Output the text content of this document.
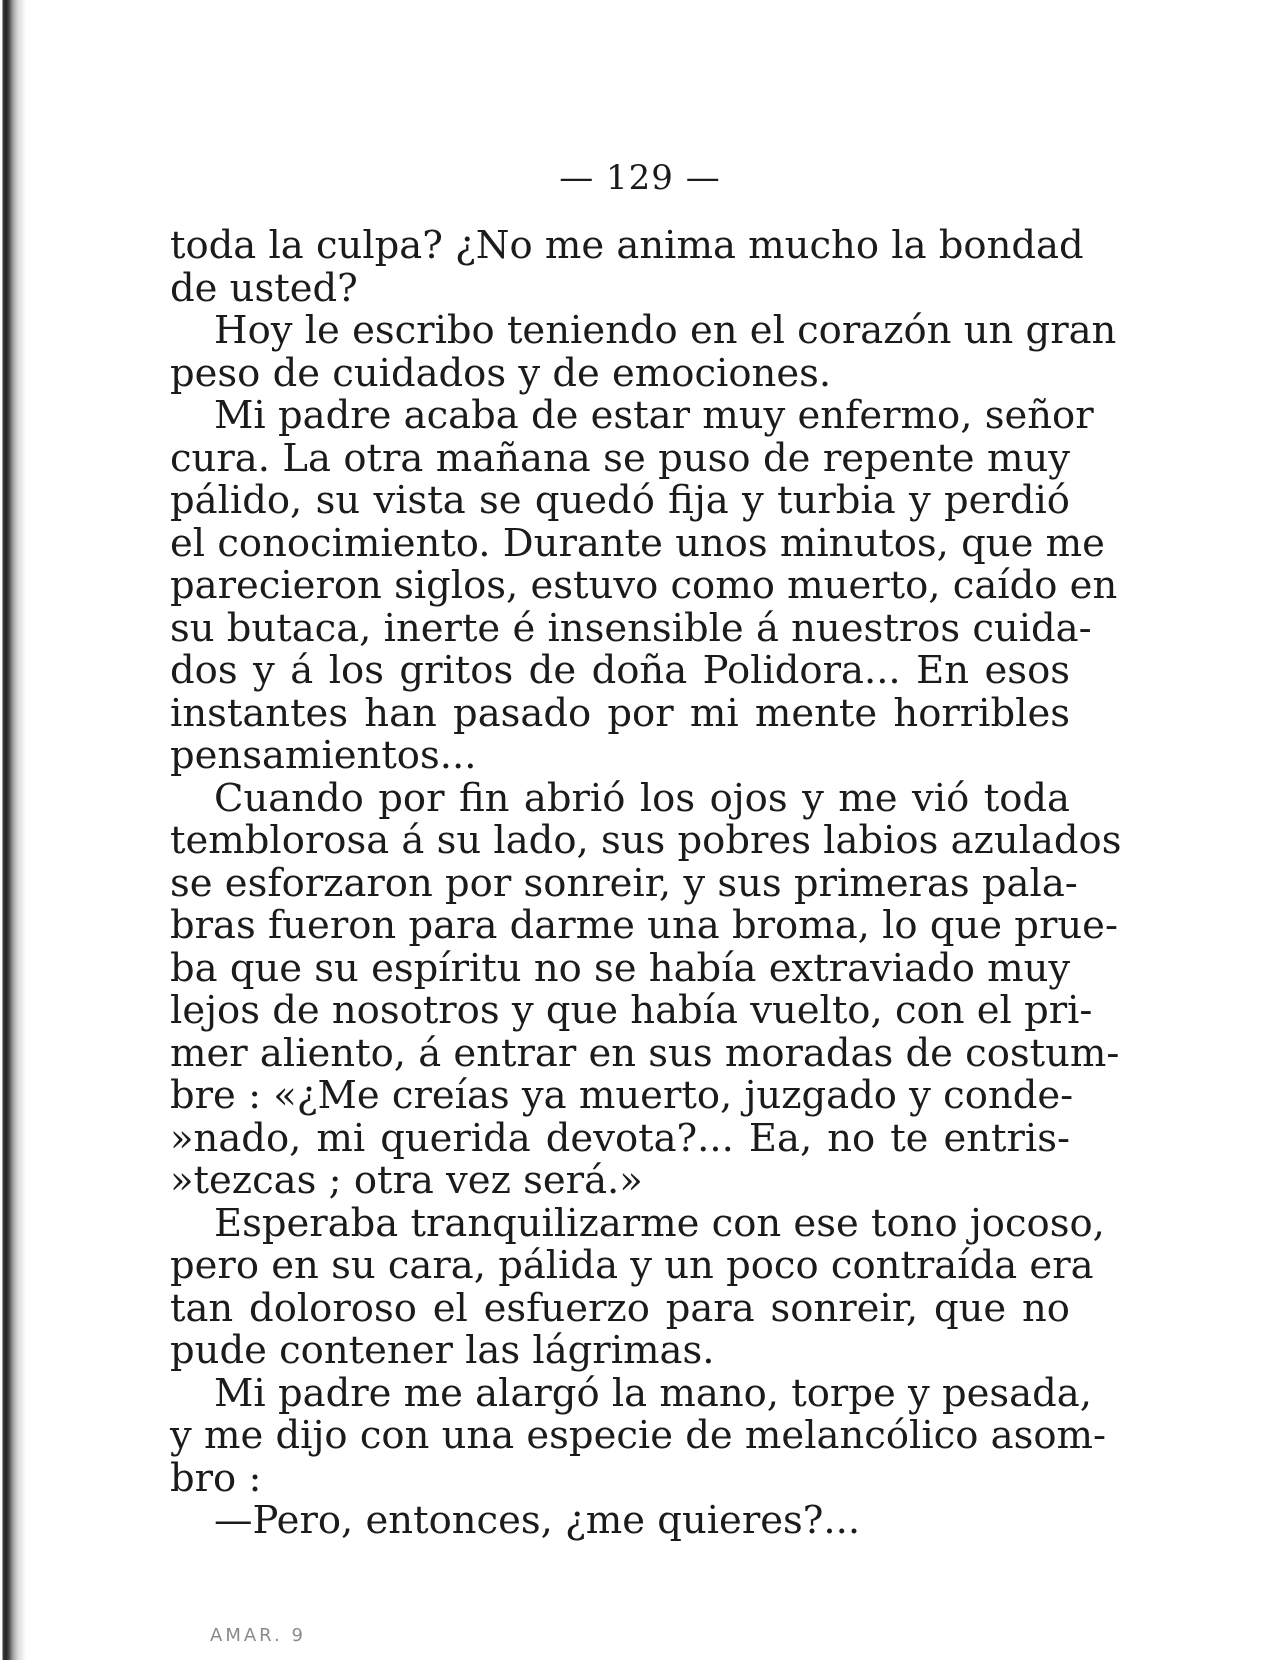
— 129 —
toda la culpa? ¿No me anima mucho la bondad
de usted?
Hoy le escribo teniendo en el corazón un gran
peso de cuidados y de emociones.
Mi padre acaba de estar muy enfermo, señor
cura. La otra mañana se puso de repente muy
pálido, su vista se quedó fija y turbia y perdió
el conocimiento. Durante unos minutos, que me
parecieron siglos, estuvo como muerto, caído en
su butaca, inerte é insensible á nuestros cuida-
dos y á los gritos de doña Polidora... En esos
instantes han pasado por mi mente horribles
pensamientos...
Cuando por fin abrió los ojos y me vió toda
temblorosa á su lado, sus pobres labios azulados
se esforzaron por sonreir, y sus primeras pala-
bras fueron para darme una broma, lo que prue-
ba que su espíritu no se había extraviado muy
lejos de nosotros y que había vuelto, con el pri-
mer aliento, á entrar en sus moradas de costum-
bre : «¿Me creías ya muerto, juzgado y conde-
»nado, mi querida devota?... Ea, no te entris-
»tezcas ; otra vez será.»
Esperaba tranquilizarme con ese tono jocoso,
pero en su cara, pálida y un poco contraída era
tan doloroso el esfuerzo para sonreir, que no
pude contener las lágrimas.
Mi padre me alargó la mano, torpe y pesada,
y me dijo con una especie de melancólico asom-
bro :
—Pero, entonces, ¿me quieres?...
AMAR. 9
